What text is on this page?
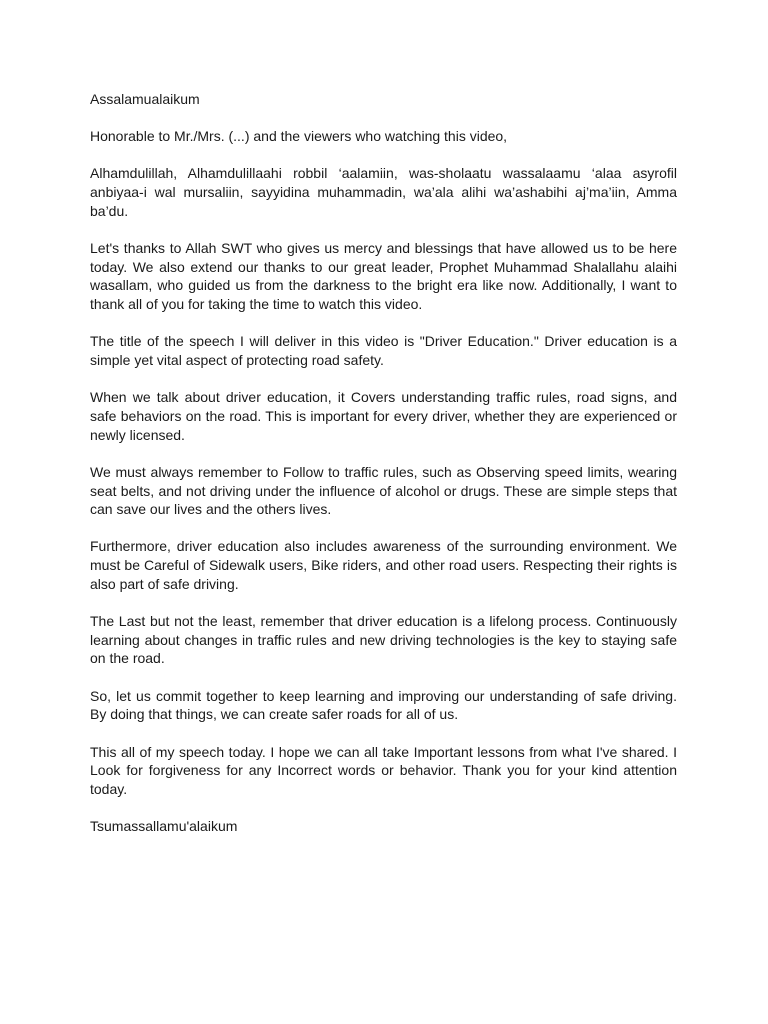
Assalamualaikum

Honorable to Mr./Mrs. (...) and the viewers who watching this video,

Alhamdulillah, Alhamdulillaahi robbil ‘aalamiin, was-sholaatu wassalaamu ‘alaa asyrofil anbiyaa-i wal mursaliin, sayyidina muhammadin, wa’ala alihi wa’ashabihi aj’ma’iin, Amma ba’du.

Let's thanks to Allah SWT who gives us mercy and blessings that have allowed us to be here today. We also extend our thanks to our great leader, Prophet Muhammad Shalallahu alaihi wasallam, who guided us from the darkness to the bright era like now. Additionally, I want to thank all of you for taking the time to watch this video.

The title of the speech I will deliver in this video is "Driver Education." Driver education is a simple yet vital aspect of protecting road safety.

When we talk about driver education, it Covers understanding traffic rules, road signs, and safe behaviors on the road. This is important for every driver, whether they are experienced or newly licensed.

We must always remember to Follow to traffic rules, such as Observing speed limits, wearing seat belts, and not driving under the influence of alcohol or drugs. These are simple steps that can save our lives and the others lives.

Furthermore, driver education also includes awareness of the surrounding environment. We must be Careful of Sidewalk users, Bike riders, and other road users. Respecting their rights is also part of safe driving.

The Last but not the least, remember that driver education is a lifelong process. Continuously learning about changes in traffic rules and new driving technologies is the key to staying safe on the road.

So, let us commit together to keep learning and improving our understanding of safe driving. By doing that things, we can create safer roads for all of us.

This all of my speech today. I hope we can all take Important lessons from what I've shared. I Look for forgiveness for any Incorrect words or behavior. Thank you for your kind attention today.

Tsumassallamu'alaikum
